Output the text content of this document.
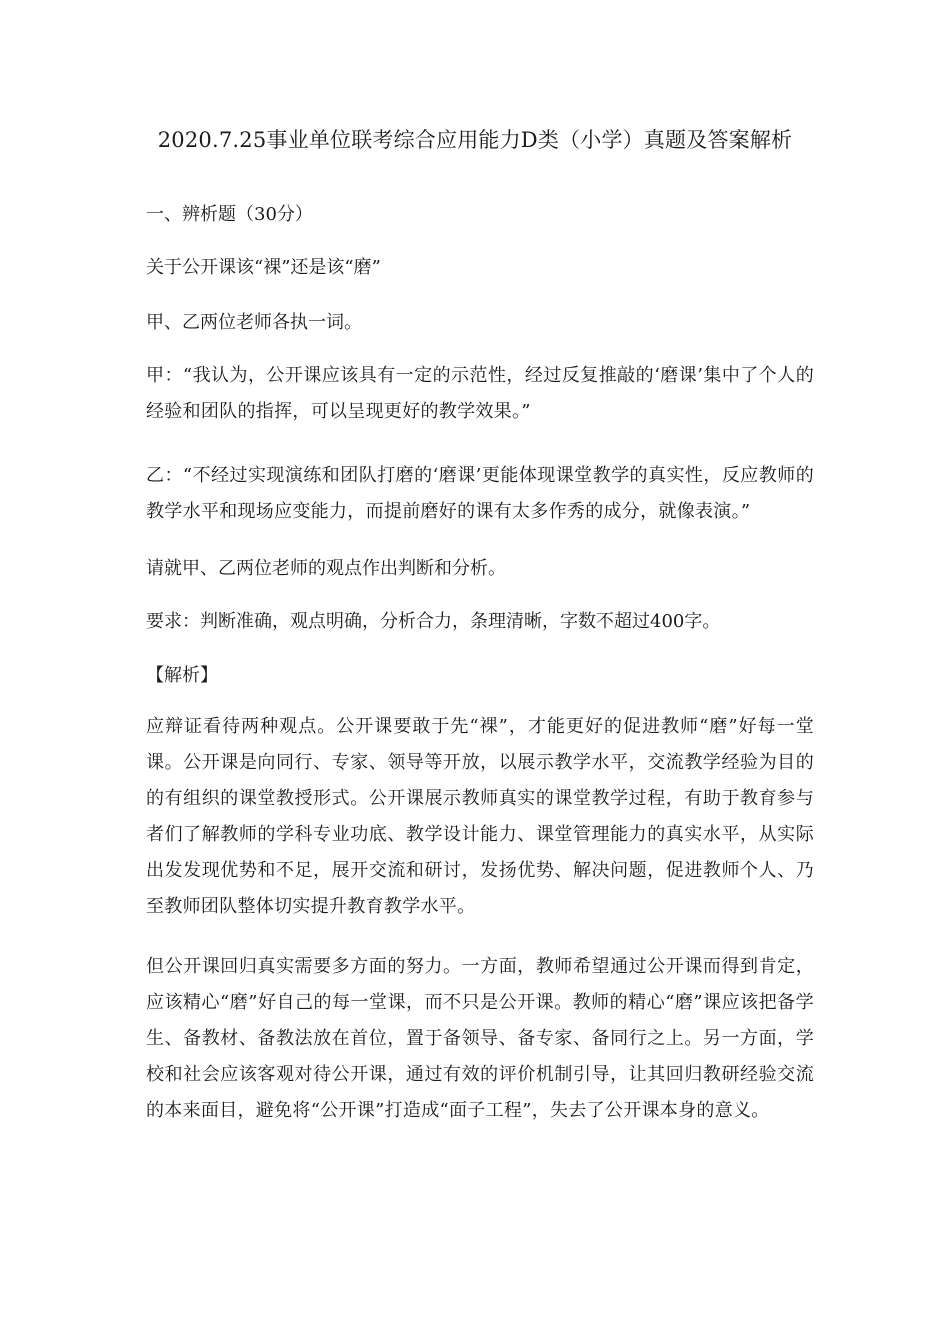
2020.7.25事业单位联考综合应用能力D类（小学）真题及答案解析
一、辨析题（30分）
关于公开课该“裸”还是该“磨”
甲、乙两位老师各执一词。

甲：“我认为，公开课应该具有一定的示范性，经过反复推敲的‘磨课’集中了个人的经验和团队的指挥，可以呈现更好的教学效果。”

乙：“不经过实现演练和团队打磨的‘磨课’更能体现课堂教学的真实性，反应教师的教学水平和现场应变能力，而提前磨好的课有太多作秀的成分，就像表演。”

请就甲、乙两位老师的观点作出判断和分析。
要求：判断准确，观点明确，分析合力，条理清晰，字数不超过400字。
【解析】

应辩证看待两种观点。公开课要敢于先“裸”，才能更好的促进教师“磨”好每一堂课。公开课是向同行、专家、领导等开放，以展示教学水平，交流教学经验为目的的有组织的课堂教授形式。公开课展示教师真实的课堂教学过程，有助于教育参与者们了解教师的学科专业功底、教学设计能力、课堂管理能力的真实水平，从实际出发发现优势和不足，展开交流和研讨，发扬优势、解决问题，促进教师个人、乃至教师团队整体切实提升教育教学水平。

但公开课回归真实需要多方面的努力。一方面，教师希望通过公开课而得到肯定，应该精心“磨”好自己的每一堂课，而不只是公开课。教师的精心“磨”课应该把备学生、备教材、备教法放在首位，置于备领导、备专家、备同行之上。另一方面，学校和社会应该客观对待公开课，通过有效的评价机制引导，让其回归教研经验交流的本来面目，避免将“公开课”打造成“面子工程”，失去了公开课本身的意义。
